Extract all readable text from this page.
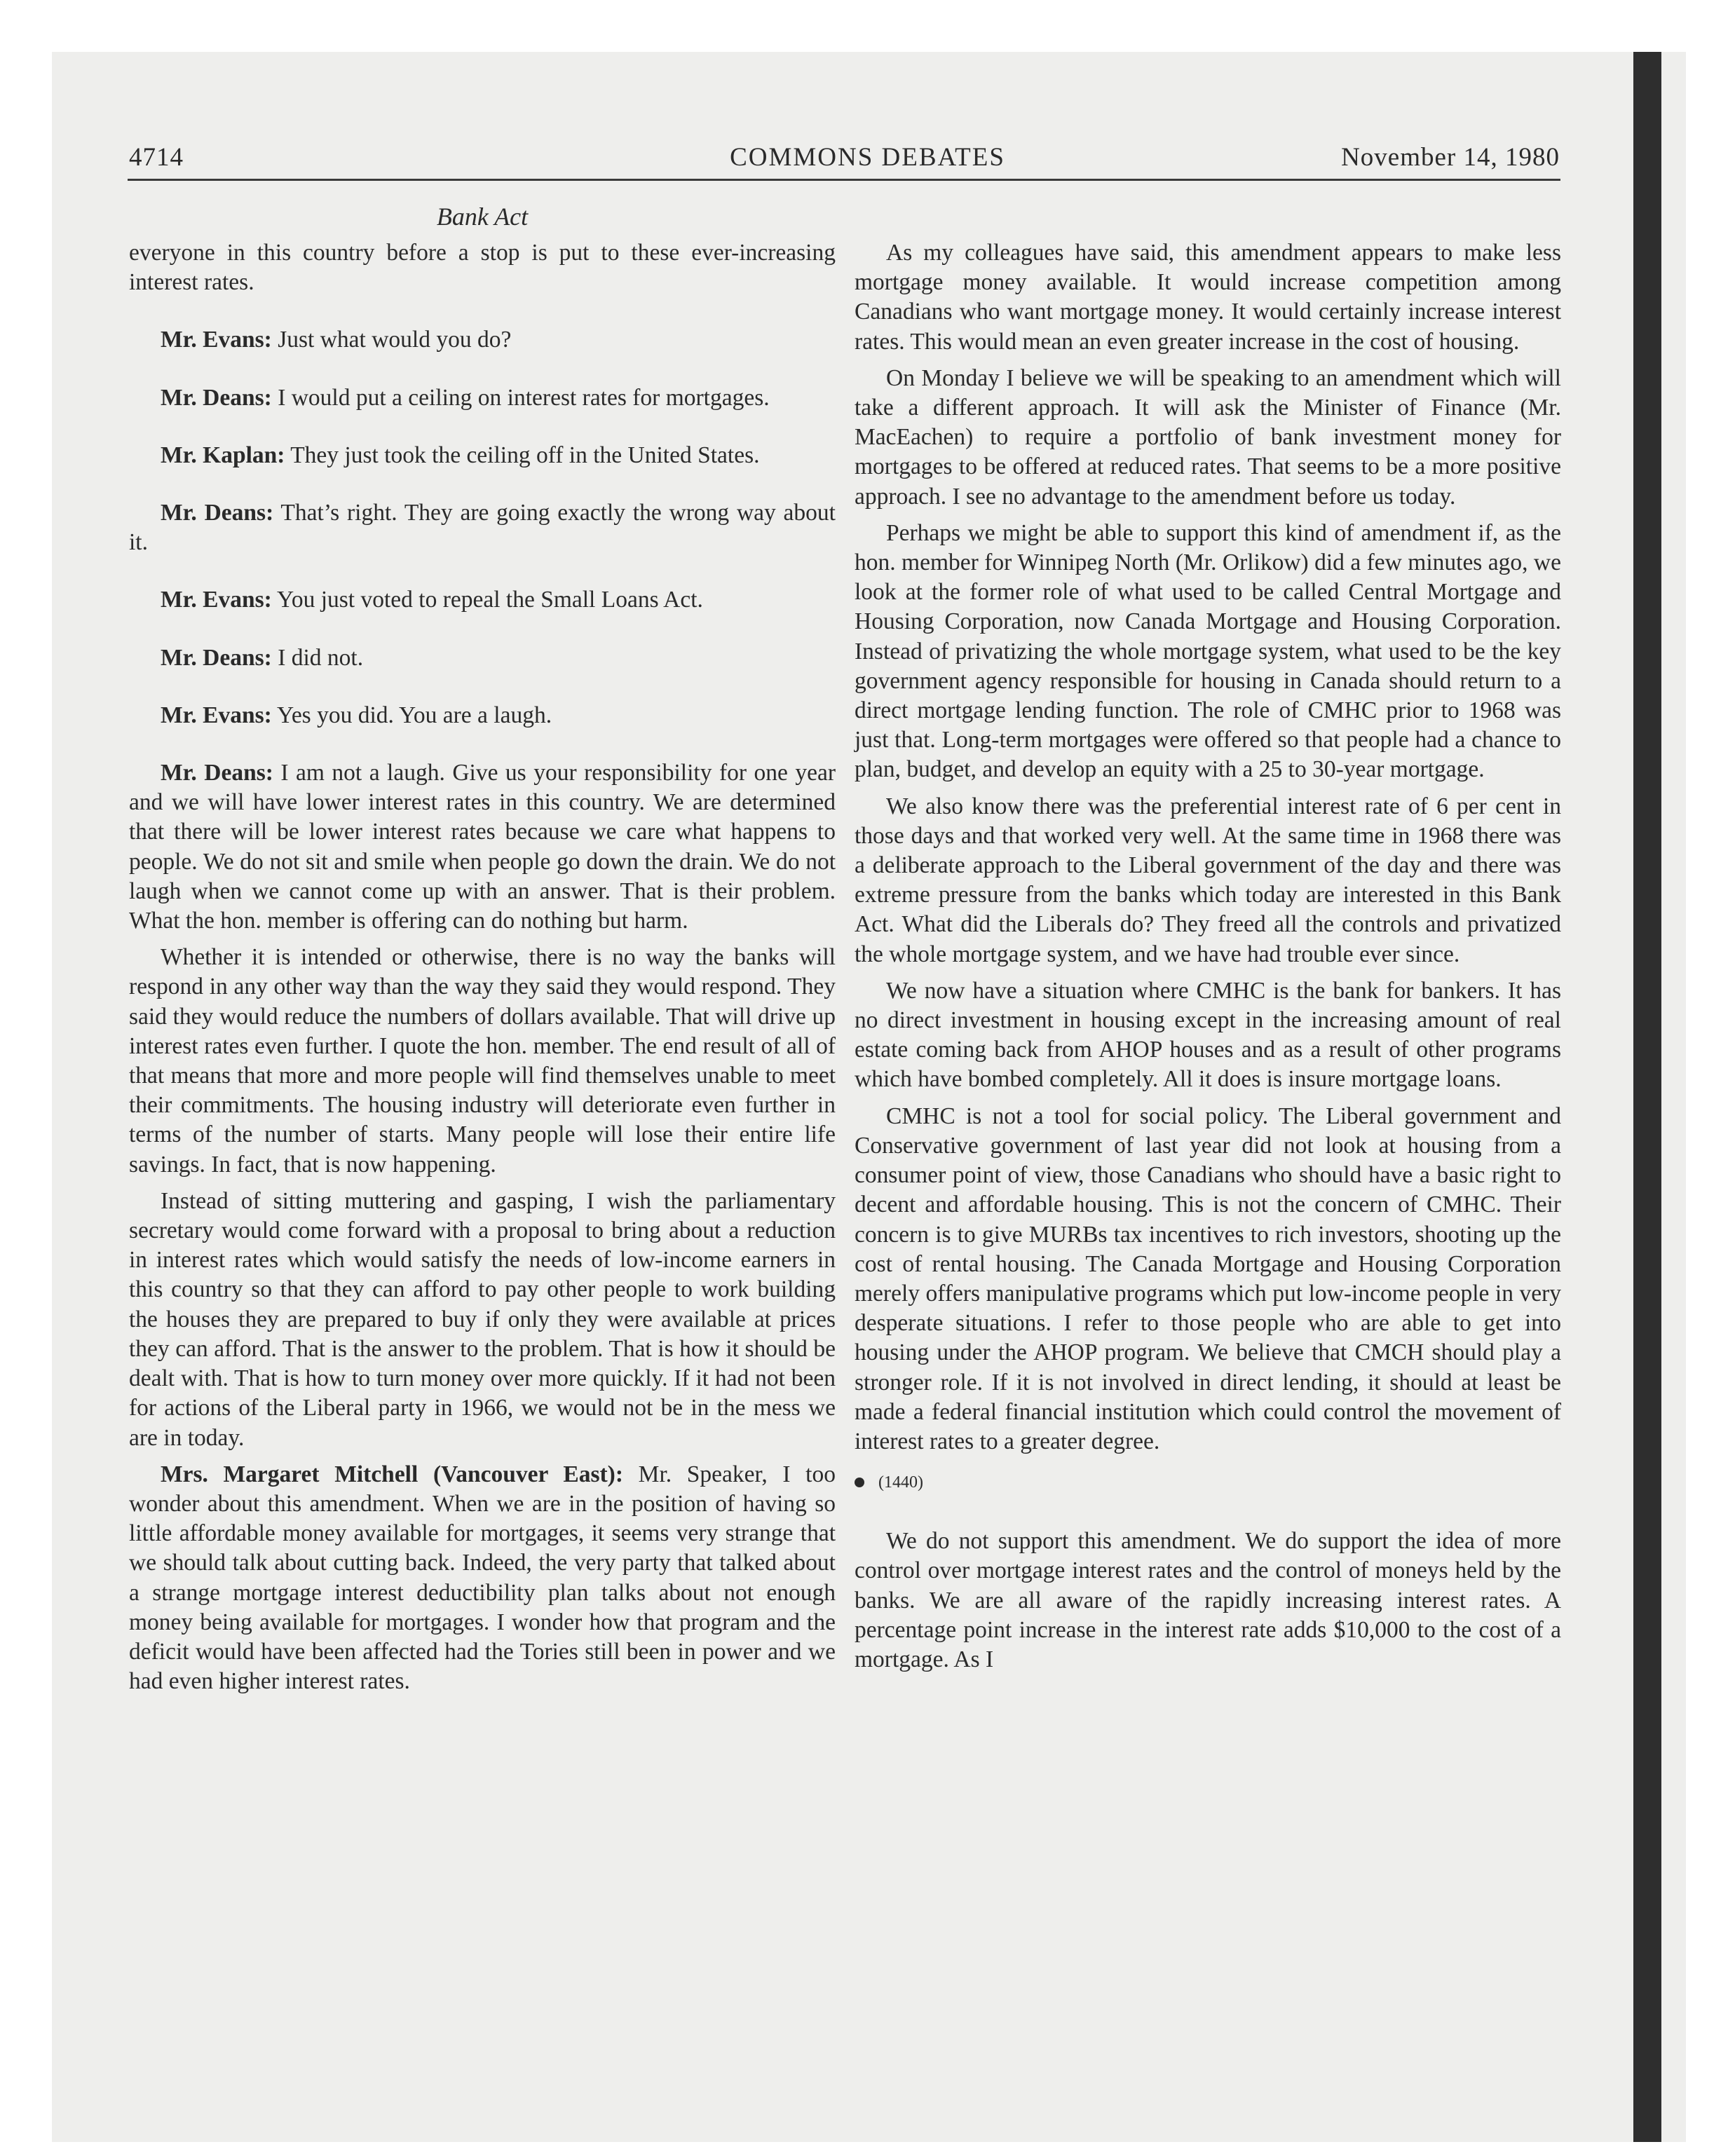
4714	COMMONS DEBATES	November 14, 1980
Bank Act

everyone in this country before a stop is put to these ever-increasing interest rates.

Mr. Evans: Just what would you do?

Mr. Deans: I would put a ceiling on interest rates for mortgages.

Mr. Kaplan: They just took the ceiling off in the United States.

Mr. Deans: That’s right. They are going exactly the wrong way about it.

Mr. Evans: You just voted to repeal the Small Loans Act.

Mr. Deans: I did not.

Mr. Evans: Yes you did. You are a laugh.

Mr. Deans: I am not a laugh. Give us your responsibility for one year and we will have lower interest rates in this country. We are determined that there will be lower interest rates because we care what happens to people. We do not sit and smile when people go down the drain. We do not laugh when we cannot come up with an answer. That is their problem. What the hon. member is offering can do nothing but harm.

Whether it is intended or otherwise, there is no way the banks will respond in any other way than the way they said they would respond. They said they would reduce the numbers of dollars available. That will drive up interest rates even further. I quote the hon. member. The end result of all of that means that more and more people will find themselves unable to meet their commitments. The housing industry will deteriorate even further in terms of the number of starts. Many people will lose their entire life savings. In fact, that is now happening.

Instead of sitting muttering and gasping, I wish the parliamentary secretary would come forward with a proposal to bring about a reduction in interest rates which would satisfy the needs of low-income earners in this country so that they can afford to pay other people to work building the houses they are prepared to buy if only they were available at prices they can afford. That is the answer to the problem. That is how it should be dealt with. That is how to turn money over more quickly. If it had not been for actions of the Liberal party in 1966, we would not be in the mess we are in today.

Mrs. Margaret Mitchell (Vancouver East): Mr. Speaker, I too wonder about this amendment. When we are in the position of having so little affordable money available for mortgages, it seems very strange that we should talk about cutting back. Indeed, the very party that talked about a strange mortgage interest deductibility plan talks about not enough money being available for mortgages. I wonder how that program and the deficit would have been affected had the Tories still been in power and we had even higher interest rates.

As my colleagues have said, this amendment appears to make less mortgage money available. It would increase competition among Canadians who want mortgage money. It would certainly increase interest rates. This would mean an even greater increase in the cost of housing.

On Monday I believe we will be speaking to an amendment which will take a different approach. It will ask the Minister of Finance (Mr. MacEachen) to require a portfolio of bank investment money for mortgages to be offered at reduced rates. That seems to be a more positive approach. I see no advantage to the amendment before us today.

Perhaps we might be able to support this kind of amendment if, as the hon. member for Winnipeg North (Mr. Orlikow) did a few minutes ago, we look at the former role of what used to be called Central Mortgage and Housing Corporation, now Canada Mortgage and Housing Corporation. Instead of privatizing the whole mortgage system, what used to be the key government agency responsible for housing in Canada should return to a direct mortgage lending function. The role of CMHC prior to 1968 was just that. Long-term mortgages were offered so that people had a chance to plan, budget, and develop an equity with a 25 to 30-year mortgage.

We also know there was the preferential interest rate of 6 per cent in those days and that worked very well. At the same time in 1968 there was a deliberate approach to the Liberal government of the day and there was extreme pressure from the banks which today are interested in this Bank Act. What did the Liberals do? They freed all the controls and privatized the whole mortgage system, and we have had trouble ever since.

We now have a situation where CMHC is the bank for bankers. It has no direct investment in housing except in the increasing amount of real estate coming back from AHOP houses and as a result of other programs which have bombed completely. All it does is insure mortgage loans.

CMHC is not a tool for social policy. The Liberal government and Conservative government of last year did not look at housing from a consumer point of view, those Canadians who should have a basic right to decent and affordable housing. This is not the concern of CMHC. Their concern is to give MURBs tax incentives to rich investors, shooting up the cost of rental housing. The Canada Mortgage and Housing Corporation merely offers manipulative programs which put low-income people in very desperate situations. I refer to those people who are able to get into housing under the AHOP program. We believe that CMCH should play a stronger role. If it is not involved in direct lending, it should at least be made a federal financial institution which could control the movement of interest rates to a greater degree.

(1440)

We do not support this amendment. We do support the idea of more control over mortgage interest rates and the control of moneys held by the banks. We are all aware of the rapidly increasing interest rates. A percentage point increase in the interest rate adds $10,000 to the cost of a mortgage. As I
